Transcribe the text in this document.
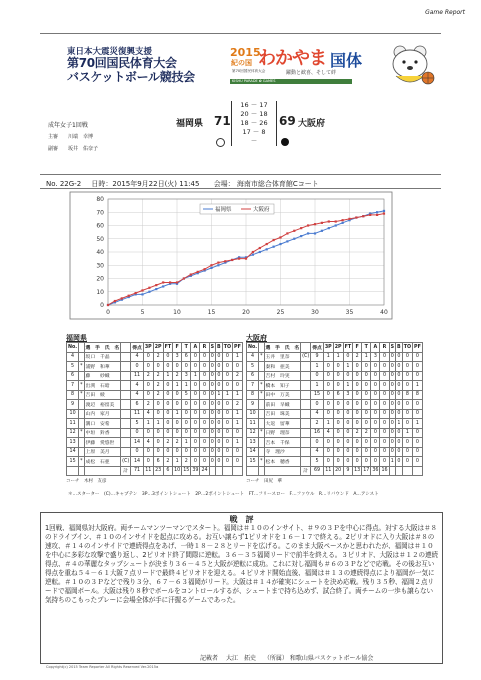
Game Report
東日本大震災復興支援
第70回国民体育大会
バスケットボール競技会
2015
紀の国 わかやま 国体
第70回国民体育大会	躍動と歓喜、そして絆
KISHU PARADE ✿ GAMES
成年女子1回戦
主審 川端　幸博
副審 坂井　佑奈子
福岡県 71
16 － 17
20 － 18
18 － 26
17 － 8
－
69 大阪府
No. 22G-2 日時：2015年9月22日(火) 11:45 会場： 海南市総合体育館Cコート
0
10
20
30
40
50
60
70
80
0	5	10	15	20	25	30	35	40
福岡県	大阪府
福岡県
No.		選　手　氏　名		得点	3P	2P	FT	F	T	A	R	S	B	TO	PF
4		坂口　千晶		4	0	2	0	3	6	0	0	0	0	0	1
5	*	浦野　和華		0	0	0	0	0	0	0	0	0	0	0	0
6		藤　　紗織		11	2	2	1	2	3	1	0	0	0	0	2
7	*	出渕　石暗		4	0	2	0	1	1	0	0	0	0	0	0
8	*	吉田　綾		4	0	2	0	0	5	0	0	0	1	1	1
9		渡辺　裕留美		6	2	0	0	0	0	0	0	0	0	0	2
10		山内　家月		11	4	0	0	1	0	0	0	0	0	0	1
11		溝口　安希		5	1	1	0	0	0	0	0	0	0	0	1
12	*	中垣　鈴香		0	0	0	0	0	0	0	0	0	0	0	0
13		伊藤　愛悠世		14	4	0	2	2	1	0	0	0	0	0	1
14		上原　美月		0	0	0	0	0	0	0	0	0	0	0	0
15	*	成松　石亜	(C)	14	0	6	2	1	2	0	0	0	0	0	0
			計	71	11	23	6	10	15	39	24				
コーチ　 木村　友彦
大阪府
No.		選　手　氏　名		得点	3P	2P	FT	F	T	A	R	S	B	TO	PF
4	*	玉井　里奈	(C)	9	1	1	0	2	1	3	0	0	0	0	0
5		秦和　亜美		1	0	0	1	0	0	0	0	0	0	0	0
6		吉村　玲実		0	0	0	0	0	0	0	0	0	0	0	0
7	*	橋本　知子		1	0	0	1	0	0	0	0	0	0	0	1
8	*	田中　万美		15	0	6	3	0	0	0	0	0	0	8	8
9		前田　早織		0	0	0	0	0	0	0	0	0	0	0	0
10		吉田　珠美		4	0	0	0	0	0	0	0	0	0	0	0
11		大返　留華		2	1	0	0	0	0	0	0	0	1	0	1
12	*	日野　理奈		16	4	0	0	2	2	0	0	0	0	1	0
13		吉本　千保		0	0	0	0	0	0	0	0	0	0	0	0
14		寺　理沙		4	0	0	0	0	0	0	0	0	0	0	0
15	*	松本　穂香		5	0	0	0	0	0	0	0	1	0	0	0
			計	69	11	20	9	13	17	36	16				
コーチ　 田尻　華
＊…スターター　(C)…キャプテン　3P…3ポイントシュート　2P…2ポイントシュート　FT…フリースロー　F…ファウル　R…リバウンド　A…アシスト
戦　評
1回戦、福岡県対大阪府。両チームマンツーマンでスタート。福岡は＃１０のインサイト、＃９の３Ｐを中心に得点。対する大阪は＃８のドライブイン、＃１０のインサイドを起点に攻める。お互い譲らず1ピリオドを１６－１７で終える。2ピリオドに入り大阪は＃８の速攻、＃１４のインサイドで連続得点をあげ、一時１８－２８とリードを広げる。このまま大阪ペースかと思われたが、福岡は＃１０を中心に多彩な攻撃で盛り返し、2ピリオド終了間際に逆転。３６－３５福岡リードで前半を終える。３ピリオド、大阪は＃１２の連続得点、＃４の華麗なタップシュートが決まり３６－４５と大阪が逆転に成功。これに対し福岡も＃６の３Ｐなどで応戦。その後お互い得点を重ね５４－６１大阪７点リードで最終４ピリオドを迎える。４ピリオド開始直後、福岡は＃１３の連続得点により福岡が一気に逆転。＃１０の３Ｐなどで残り３分、６７－６３福岡がリード。大阪は＃１４が確実にシュートを決め応戦。残り３５秒、福岡２点リードで福岡ボール。大阪は残り８秒でボールをコントロールするが、シュートまで持ち込めず、試合終了。両チームの一歩も譲らない気持ちのこもったプレーに会場全体が手に汗握るゲームであった。
記載者　 大江　拓史　 （所属） 和歌山県バスケットボール協会
Copyright(c) 2015 Team Reporter All Rights Reserved Ver.2015α
